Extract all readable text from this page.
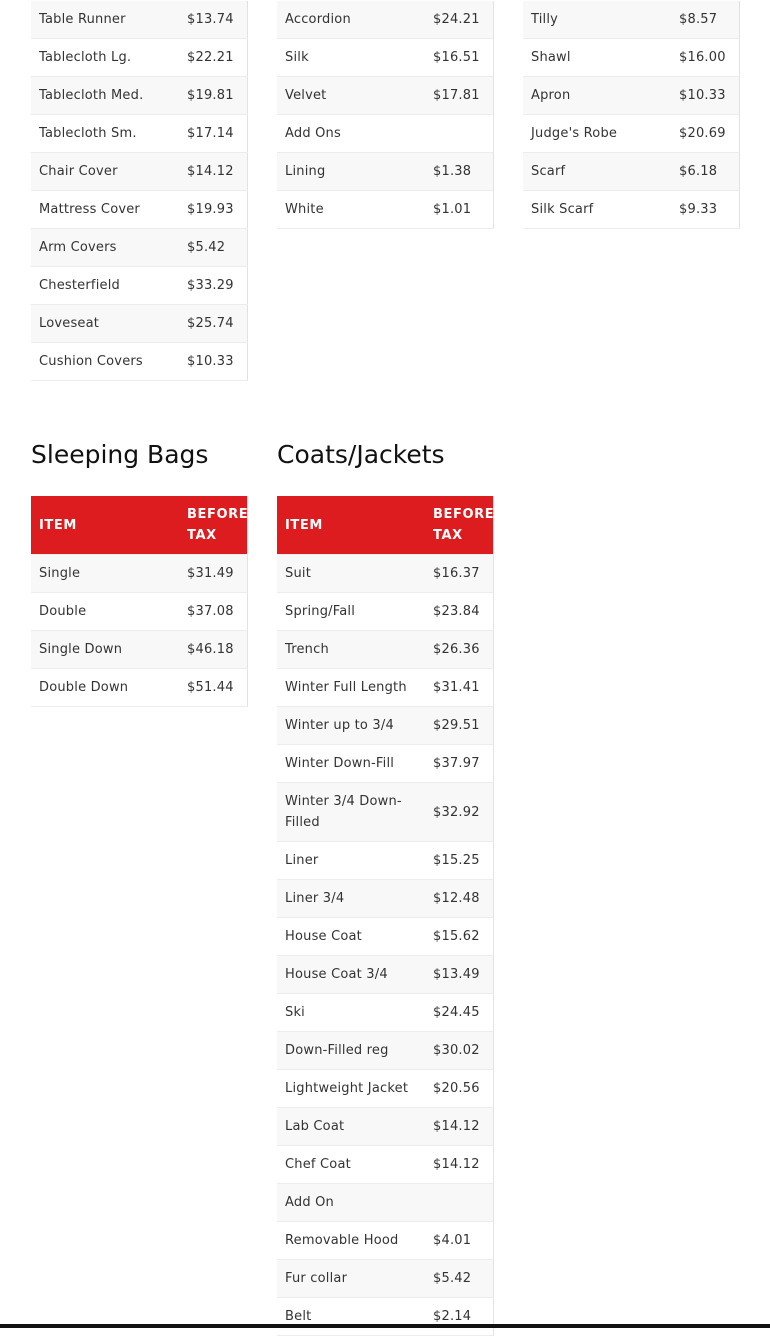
Table Runner	$13.74
Tablecloth Lg.	$22.21
Tablecloth Med.	$19.81
Tablecloth Sm.	$17.14
Chair Cover	$14.12
Mattress Cover	$19.93
Arm Covers	$5.42
Chesterfield	$33.29
Loveseat	$25.74
Cushion Covers	$10.33
Accordion	$24.21
Silk	$16.51
Velvet	$17.81
Add Ons	
Lining	$1.38
White	$1.01
Tilly	$8.57
Shawl	$16.00
Apron	$10.33
Judge's Robe	$20.69
Scarf	$6.18
Silk Scarf	$9.33
Sleeping Bags
ITEM	BEFORE TAX
Single	$31.49
Double	$37.08
Single Down	$46.18
Double Down	$51.44
Coats/Jackets
ITEM	BEFORE TAX
Suit	$16.37
Spring/Fall	$23.84
Trench	$26.36
Winter Full Length	$31.41
Winter up to 3/4	$29.51
Winter Down-Fill	$37.97
Winter 3/4 Down-Filled	$32.92
Liner	$15.25
Liner 3/4	$12.48
House Coat	$15.62
House Coat 3/4	$13.49
Ski	$24.45
Down-Filled reg	$30.02
Lightweight Jacket	$20.56
Lab Coat	$14.12
Chef Coat	$14.12
Add On	
Removable Hood	$4.01
Fur collar	$5.42
Belt	$2.14
